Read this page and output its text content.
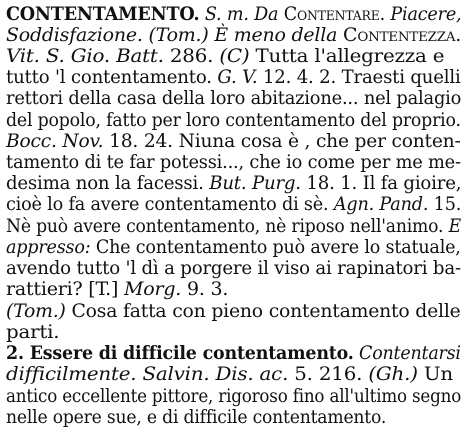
CONTENTAMENTO. S. m. Da Contentare. Piacere,
Soddisfazione. (Tom.) È meno della Contentezza.
Vit. S. Gio. Batt. 286. (C) Tutta l'allegrezza e
tutto 'l contentamento. G. V. 12. 4. 2. Traesti quelli
rettori della casa della loro abitazione... nel palagio
del popolo, fatto per loro contentamento del proprio.
Bocc. Nov. 18. 24. Niuna cosa è , che per conten-
tamento di te far potessi..., che io come per me me-
desima non la facessi. But. Purg. 18. 1. Il fa gioire,
cioè lo fa avere contentamento di sè. Agn. Pand. 15.
Nè può avere contentamento, nè riposo nell'animo. E
appresso: Che contentamento può avere lo statuale,
avendo tutto 'l dì a porgere il viso ai rapinatori ba-
rattieri? [T.] Morg. 9. 3.
(Tom.) Cosa fatta con pieno contentamento delle
parti.
2. Essere di difficile contentamento. Contentarsi
difficilmente. Salvin. Dis. ac. 5. 216. (Gh.) Un
antico eccellente pittore, rigoroso fino all'ultimo segno
nelle opere sue, e di difficile contentamento.
